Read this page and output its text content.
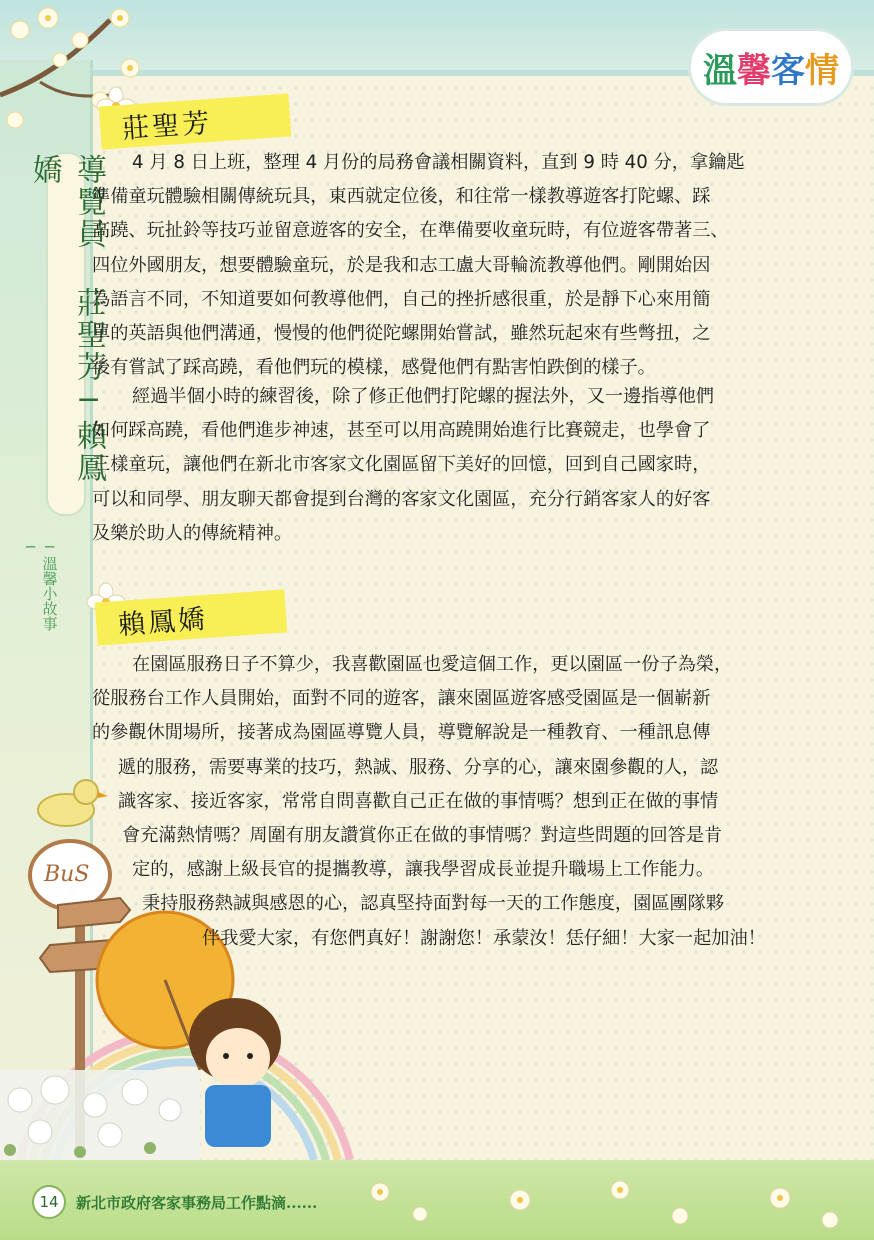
溫 馨 客 情
─溫馨小故事─
莊聖芳

4 月 8 日上班，整理 4 月份的局務會議相關資料，直到 9 時 40 分，拿鑰匙
準備童玩體驗相關傳統玩具，東西就定位後，和往常一樣教導遊客打陀螺、踩
高蹺、玩扯鈴等技巧並留意遊客的安全，在準備要收童玩時，有位遊客帶著三、
四位外國朋友，想要體驗童玩，於是我和志工盧大哥輪流教導他們。剛開始因
為語言不同，不知道要如何教導他們，自己的挫折感很重，於是靜下心來用簡
單的英語與他們溝通，慢慢的他們從陀螺開始嘗試，雖然玩起來有些彆扭，之
後有嘗試了踩高蹺，看他們玩的模樣，感覺他們有點害怕跌倒的樣子。

經過半個小時的練習後，除了修正他們打陀螺的握法外，又一邊指導他們
如何踩高蹺，看他們進步神速，甚至可以用高蹺開始進行比賽競走，也學會了
三樣童玩，讓他們在新北市客家文化園區留下美好的回憶，回到自己國家時，
可以和同學、朋友聊天都會提到台灣的客家文化園區，充分行銷客家人的好客
及樂於助人的傳統精神。

賴鳳嬌
BuS

在園區服務日子不算少，我喜歡園區也愛這個工作，更以園區一份子為榮，
從服務台工作人員開始，面對不同的遊客，讓來園區遊客感受園區是一個嶄新
的參觀休閒場所，接著成為園區導覽人員，導覽解說是一種教育、一種訊息傳
遞的服務，需要專業的技巧，熱誠、服務、分享的心，讓來園參觀的人，認
識客家、接近客家，常常自問喜歡自己正在做的事情嗎？想到正在做的事情
會充滿熱情嗎？周圍有朋友讚賞你正在做的事情嗎？對這些問題的回答是肯
定的，感謝上級長官的提攜教導，讓我學習成長並提升職場上工作能力。
秉持服務熱誠與感恩的心，認真堅持面對每一天的工作態度，園區團隊夥
伴我愛大家，有您們真好！謝謝您！承蒙汝！恁仔細！大家一起加油！

14	新北市政府客家事務局工作點滴......
